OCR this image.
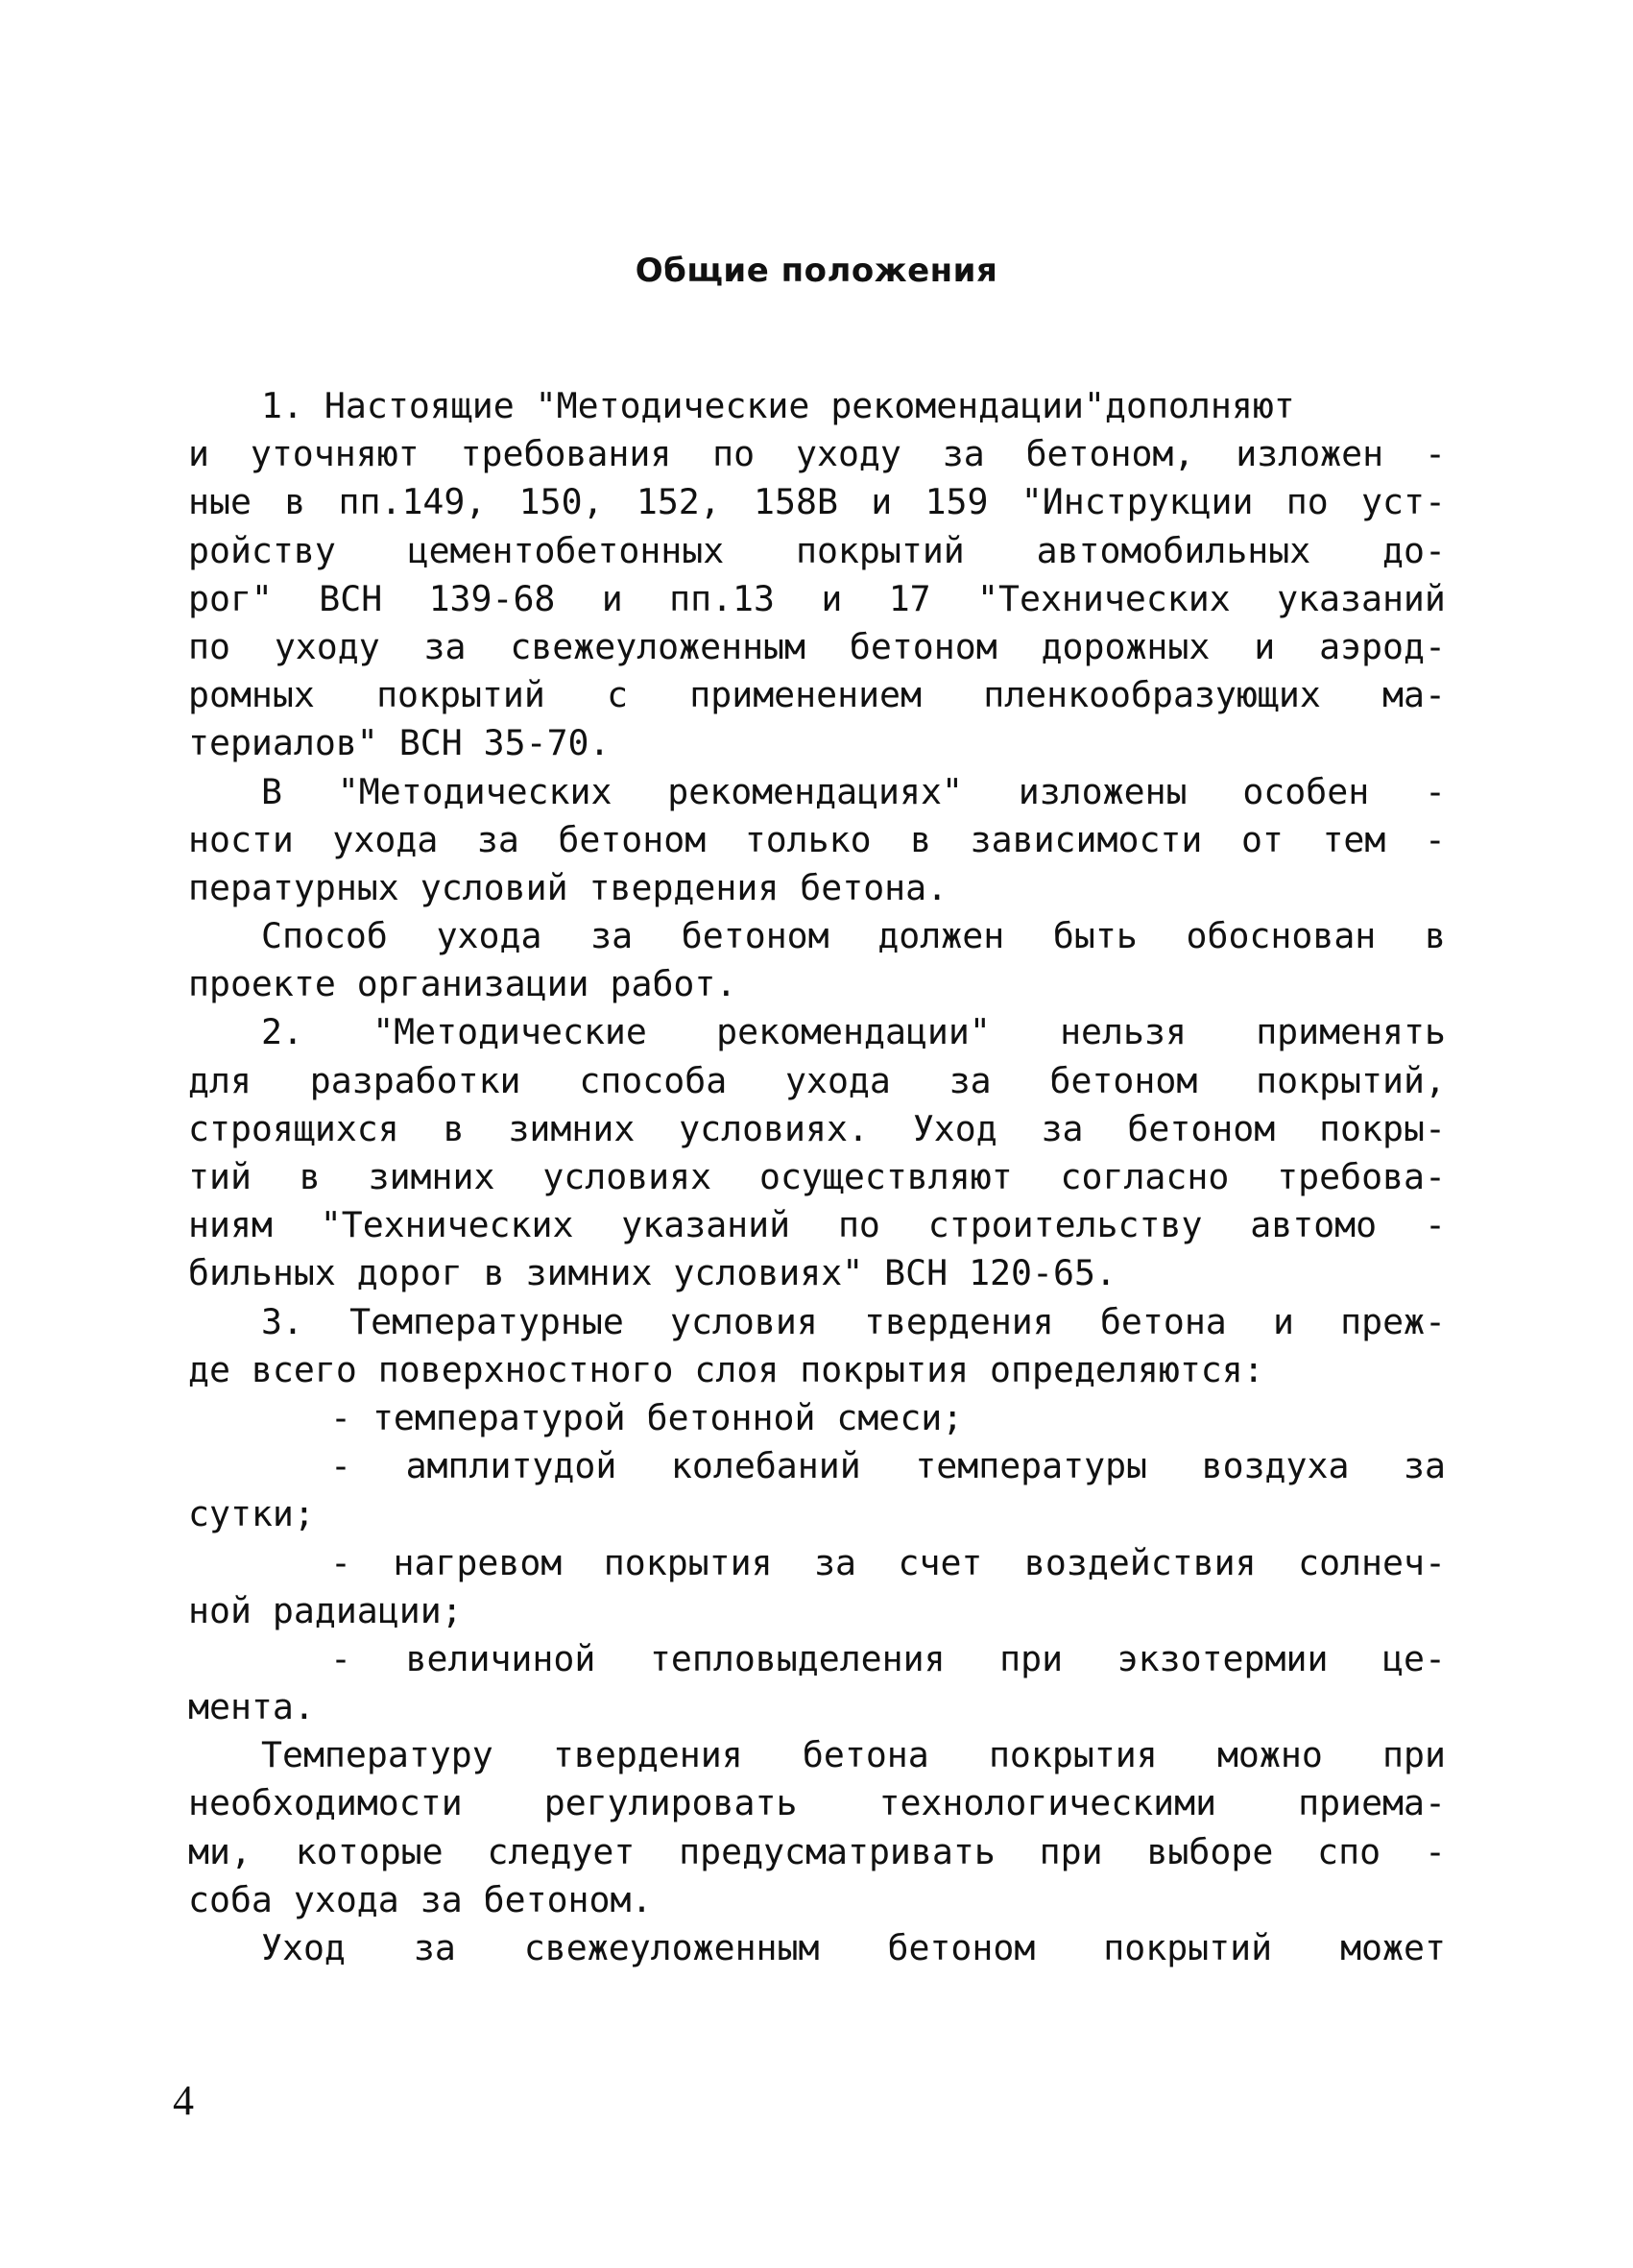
Общие положения
1. Настоящие "Методические рекомендации"дополняют
и уточняют требования по уходу за бетоном, изложен -
ные в пп.149, 150, 152, 158В и 159 "Инструкции по уст-
ройству цементобетонных покрытий автомобильных до-
рог" ВСН 139-68 и пп.13 и 17 "Технических указаний
по уходу за свежеуложенным бетоном дорожных и аэрод-
ромных покрытий с применением пленкообразующих ма-
териалов" ВСН 35-70.
В "Методических рекомендациях" изложены особен -
ности ухода за бетоном только в зависимости от тем -
пературных условий твердения бетона.
Способ ухода за бетоном должен быть обоснован в
проекте организации работ.
2. "Методические рекомендации" нельзя применять
для разработки способа ухода за бетоном покрытий,
строящихся в зимних условиях. Уход за бетоном покры-
тий в зимних условиях осуществляют согласно требова-
ниям "Технических указаний по строительству автомо -
бильных дорог в зимних условиях" ВСН 120-65.
3. Температурные условия твердения бетона и преж-
де всего поверхностного слоя покрытия определяются:
- температурой бетонной смеси;
- амплитудой колебаний температуры воздуха за
сутки;
- нагревом покрытия за счет воздействия солнеч-
ной радиации;
- величиной тепловыделения при экзотермии це-
мента.
Температуру твердения бетона покрытия можно при
необходимости регулировать технологическими приема-
ми, которые следует предусматривать при выборе спо -
соба ухода за бетоном.
Уход за свежеуложенным бетоном покрытий может
4
